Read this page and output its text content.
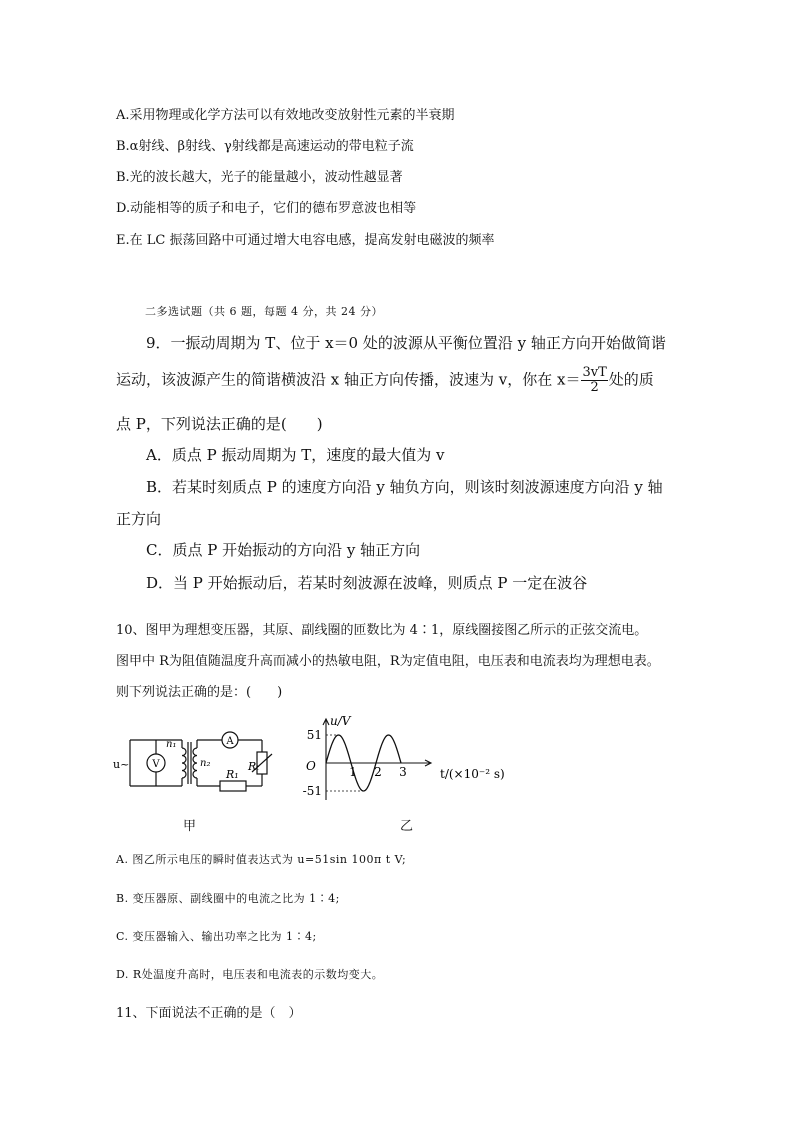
A.采用物理或化学方法可以有效地改变放射性元素的半衰期
B.α射线、β射线、γ射线都是高速运动的带电粒子流
B.光的波长越大，光子的能量越小，波动性越显著
D.动能相等的质子和电子，它们的德布罗意波也相等
E.在 LC 振荡回路中可通过增大电容电感，提高发射电磁波的频率
二多选试题（共 6 题，每题 4 分，共 24 分）
9．一振动周期为 T、位于 x＝0 处的波源从平衡位置沿 y 轴正方向开始做简谐
运动，该波源产生的简谐横波沿 x 轴正方向传播，波速为 v，你在 $x= \frac{3vT}{2}$ 处的质
点 P，下列说法正确的是(　　)
A．质点 P 振动周期为 T，速度的最大值为 v
B．若某时刻质点 P 的速度方向沿 y 轴负方向，则该时刻波源速度方向沿 y 轴
正方向
C．质点 P 开始振动的方向沿 y 轴正方向
D．当 P 开始振动后，若某时刻波源在波峰，则质点 P 一定在波谷
10、图甲为理想变压器，其原、副线圈的匝数比为 4∶1，原线圈接图乙所示的正弦交流电。
图甲中 R为阻值随温度升高而减小的热敏电阻，R为定值电阻，电压表和电流表均为理想电表。
则下列说法正确的是：(　　)
u~ V
A
n₁
n₂
R₁
Rₜ
u/V
O
t/(×10⁻² s)
51
-51
1 2 3
甲	乙
A. 图乙所示电压的瞬时值表达式为 u=51sin 100π t V;
B. 变压器原、副线圈中的电流之比为 1∶4;
C. 变压器输入、输出功率之比为 1∶4;
D. R处温度升高时，电压表和电流表的示数均变大。
11、下面说法不正确的是（　）
